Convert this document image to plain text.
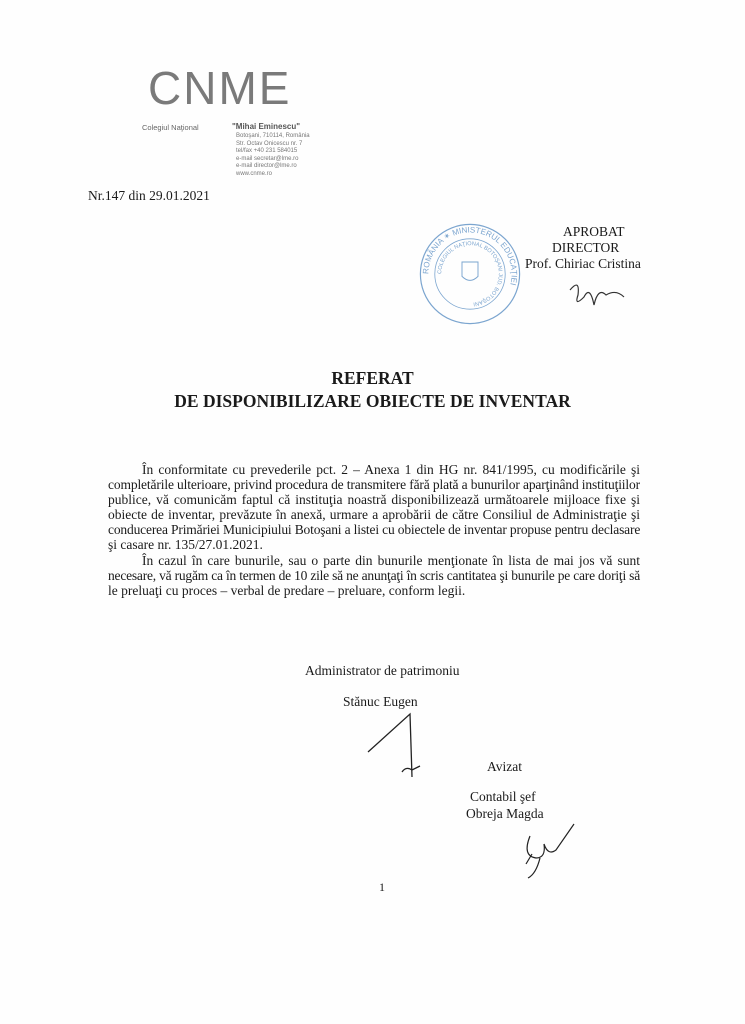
CNME
Colegiul Naţional	"Mihai Eminescu"
Botoşani, 710114, România
Str. Octav Onicescu nr. 7
tel/fax +40 231 584015
e-mail secretar@lme.ro
e-mail director@lme.ro
www.cnme.ro
Nr.147 din 29.01.2021
ROMÂNIA ✶ MINISTERUL EDUCAŢIEI
COLEGIUL NAŢIONAL BOTOŞANI JUD. BOTOŞANI
APROBAT
DIRECTOR
Prof. Chiriac Cristina
REFERAT
DE DISPONIBILIZARE OBIECTE DE INVENTAR
În conformitate cu prevederile pct. 2 – Anexa 1 din HG nr. 841/1995, cu modificările şi
completările ulterioare, privind procedura de transmitere fără plată a bunurilor aparţinând instituţiilor
publice, vă comunicăm faptul că instituţia noastră disponibilizează următoarele mijloace fixe şi
obiecte de inventar, prevăzute în anexă, urmare a aprobării de către Consiliul de Administraţie şi
conducerea Primăriei Municipiului Botoşani a listei cu obiectele de inventar propuse pentru declasare
şi casare nr. 135/27.01.2021.
În cazul în care bunurile, sau o parte din bunurile menţionate în lista de mai jos vă sunt
necesare, vă rugăm ca în termen de 10 zile să ne anunţaţi în scris cantitatea şi bunurile pe care doriţi să
le preluaţi cu proces – verbal de predare – preluare, conform legii.
Administrator de patrimoniu
Stănuc Eugen
Avizat
Contabil şef
Obreja Magda
1
